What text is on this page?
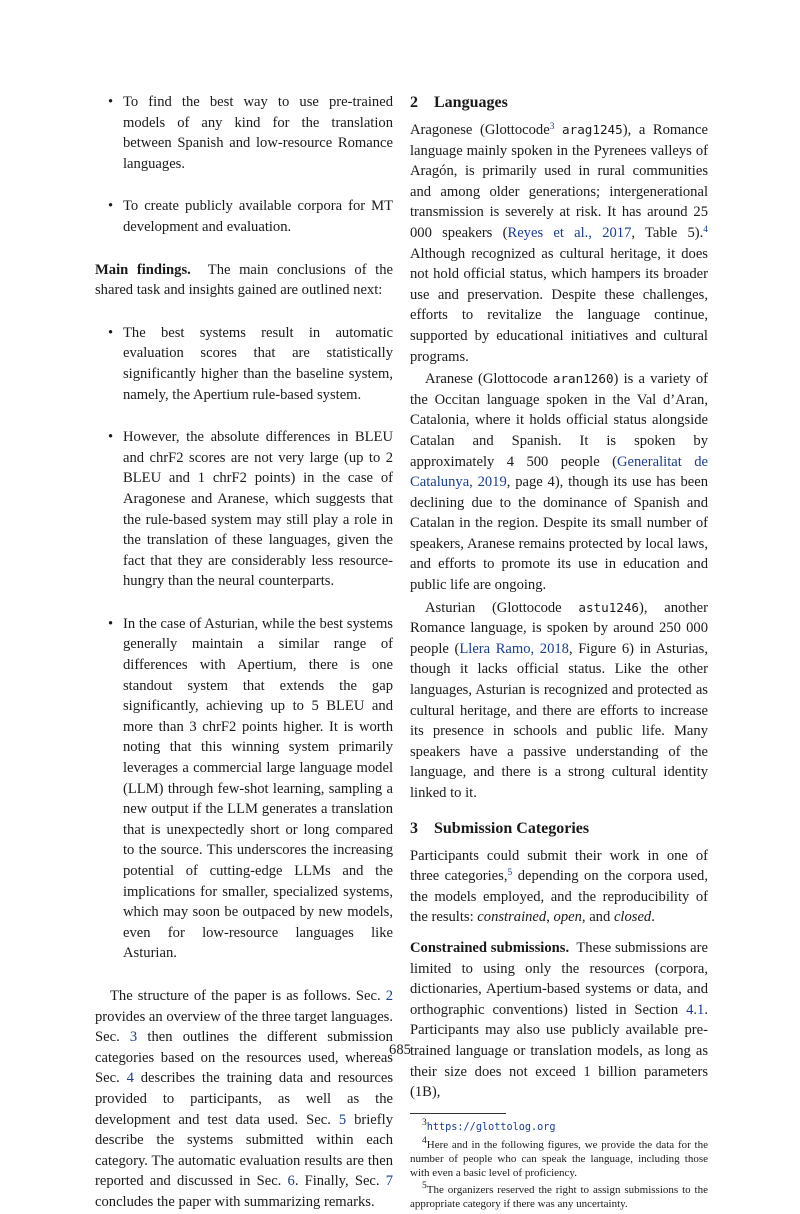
• To find the best way to use pre-trained models of any kind for the translation between Spanish and low-resource Romance languages.
• To create publicly available corpora for MT development and evaluation.

Main findings. The main conclusions of the shared task and insights gained are outlined next:

• The best systems result in automatic evaluation scores that are statistically significantly higher than the baseline system, namely, the Apertium rule-based system.
• However, the absolute differences in BLEU and chrF2 scores are not very large (up to 2 BLEU and 1 chrF2 points) in the case of Aragonese and Aranese, which suggests that the rule-based system may still play a role in the translation of these languages, given the fact that they are considerably less resource-hungry than the neural counterparts.
• In the case of Asturian, while the best systems generally maintain a similar range of differences with Apertium, there is one standout system that extends the gap significantly, achieving up to 5 BLEU and more than 3 chrF2 points higher. It is worth noting that this winning system primarily leverages a commercial large language model (LLM) through few-shot learning, sampling a new output if the LLM generates a translation that is unexpectedly short or long compared to the source. This underscores the increasing potential of cutting-edge LLMs and the implications for smaller, specialized systems, which may soon be outpaced by new models, even for low-resource languages like Asturian.

The structure of the paper is as follows. Sec. 2 provides an overview of the three target languages. Sec. 3 then outlines the different submission categories based on the resources used, whereas Sec. 4 describes the training data and resources provided to participants, as well as the development and test data used. Sec. 5 briefly describe the systems submitted within each category. The automatic evaluation results are then reported and discussed in Sec. 6. Finally, Sec. 7 concludes the paper with summarizing remarks.

2 Languages

Aragonese (Glottocode$^3$ arag1245), a Romance language mainly spoken in the Pyrenees valleys of Aragón, is primarily used in rural communities and among older generations; intergenerational transmission is severely at risk. It has around 25 000 speakers (Reyes et al., 2017, Table 5).$^4$ Although recognized as cultural heritage, it does not hold official status, which hampers its broader use and preservation. Despite these challenges, efforts to revitalize the language continue, supported by educational initiatives and cultural programs.

Aranese (Glottocode aran1260) is a variety of the Occitan language spoken in the Val d’Aran, Catalonia, where it holds official status alongside Catalan and Spanish. It is spoken by approximately 4 500 people (Generalitat de Catalunya, 2019, page 4), though its use has been declining due to the dominance of Spanish and Catalan in the region. Despite its small number of speakers, Aranese remains protected by local laws, and efforts to promote its use in education and public life are ongoing.

Asturian (Glottocode astu1246), another Romance language, is spoken by around 250 000 people (Llera Ramo, 2018, Figure 6) in Asturias, though it lacks official status. Like the other languages, Asturian is recognized and protected as cultural heritage, and there are efforts to increase its presence in schools and public life. Many speakers have a passive understanding of the language, and there is a strong cultural identity linked to it.

3 Submission Categories

Participants could submit their work in one of three categories,$^5$ depending on the corpora used, the models employed, and the reproducibility of the results: constrained, open, and closed.

Constrained submissions. These submissions are limited to using only the resources (corpora, dictionaries, Apertium-based systems or data, and orthographic conventions) listed in Section 4.1. Participants may also use publicly available pre-trained language or translation models, as long as their size does not exceed 1 billion parameters (1B),

$^3$https://glottolog.org

$^4$Here and in the following figures, we provide the data for the number of people who can speak the language, including those with even a basic level of proficiency.

$^5$The organizers reserved the right to assign submissions to the appropriate category if there was any uncertainty.

685
